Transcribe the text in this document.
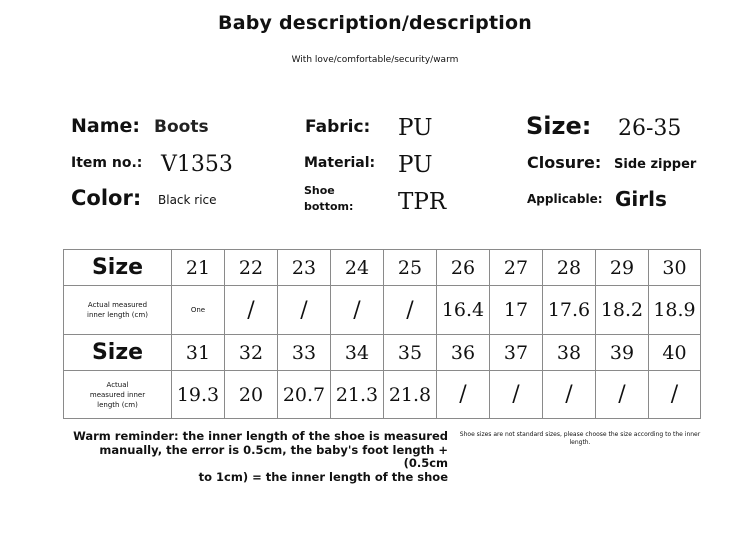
Baby description/description
With love/comfortable/security/warm
Name: Boots
Item no.: V1353
Color: Black rice
Fabric: PU
Material: PU
Shoe
bottom: TPR
Size: 26-35
Closure: Side zipper
Applicable: Girls
Size	21	22	23	24	25	26	27	28	29	30
Actual measured inner length (cm)	One	/	/	/	/	16.4	17	17.6	18.2	18.9
Size	31	32	33	34	35	36	37	38	39	40
Actual
measured inner
length (cm)	19.3	20	20.7	21.3	21.8	/	/	/	/	/
Warm reminder: the inner length of the shoe is measured
manually, the error is 0.5cm, the baby's foot length + (0.5cm
to 1cm) = the inner length of the shoe
Shoe sizes are not standard sizes, please choose the size according to the inner length.
